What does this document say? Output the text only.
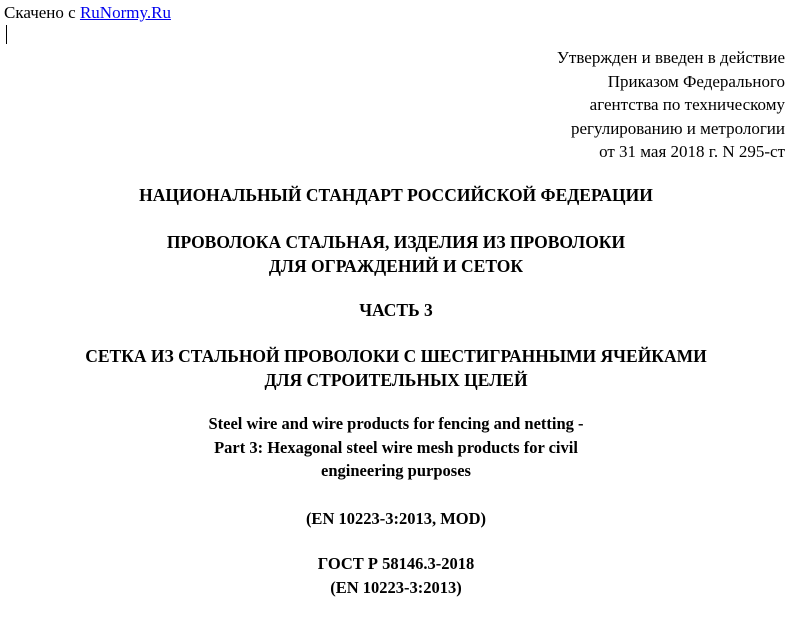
Скачено с RuNormy.Ru
Утвержден и введен в действие
Приказом Федерального
агентства по техническому
регулированию и метрологии
от 31 мая 2018 г. N 295-ст
НАЦИОНАЛЬНЫЙ СТАНДАРТ РОССИЙСКОЙ ФЕДЕРАЦИИ
ПРОВОЛОКА СТАЛЬНАЯ, ИЗДЕЛИЯ ИЗ ПРОВОЛОКИ
ДЛЯ ОГРАЖДЕНИЙ И СЕТОК
ЧАСТЬ 3
СЕТКА ИЗ СТАЛЬНОЙ ПРОВОЛОКИ С ШЕСТИГРАННЫМИ ЯЧЕЙКАМИ
ДЛЯ СТРОИТЕЛЬНЫХ ЦЕЛЕЙ
Steel wire and wire products for fencing and netting -
Part 3: Hexagonal steel wire mesh products for civil
engineering purposes
(EN 10223-3:2013, MOD)
ГОСТ Р 58146.3-2018
(EN 10223-3:2013)
